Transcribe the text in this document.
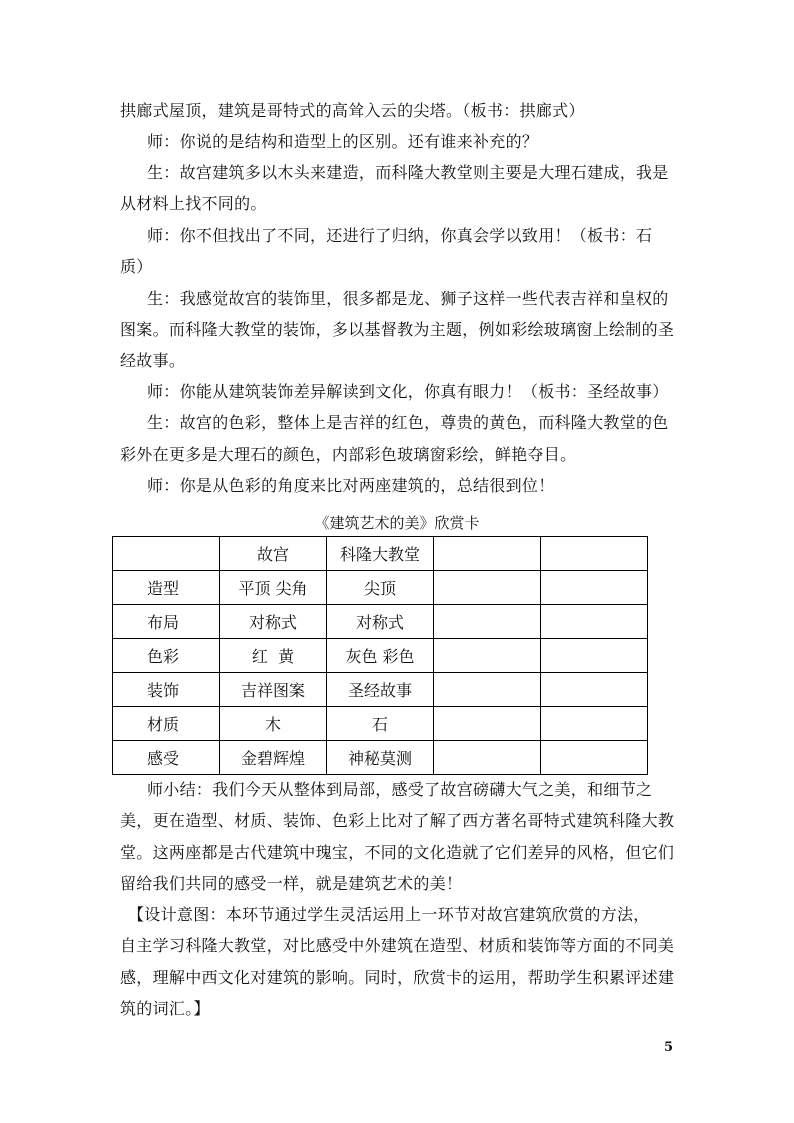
拱廊式屋顶，建筑是哥特式的高耸入云的尖塔。（板书：拱廊式）
师：你说的是结构和造型上的区别。还有谁来补充的？
生：故宫建筑多以木头来建造，而科隆大教堂则主要是大理石建成，我是
从材料上找不同的。
师：你不但找出了不同，还进行了归纳，你真会学以致用！（板书：石
质）
生：我感觉故宫的装饰里，很多都是龙、狮子这样一些代表吉祥和皇权的
图案。而科隆大教堂的装饰，多以基督教为主题，例如彩绘玻璃窗上绘制的圣
经故事。
师：你能从建筑装饰差异解读到文化，你真有眼力！（板书：圣经故事）
生：故宫的色彩，整体上是吉祥的红色，尊贵的黄色，而科隆大教堂的色
彩外在更多是大理石的颜色，内部彩色玻璃窗彩绘，鲜艳夺目。
师：你是从色彩的角度来比对两座建筑的，总结很到位！
《建筑艺术的美》欣赏卡
	故宫	科隆大教堂		
造型	平顶 尖角	尖顶		
布局	对称式	对称式		
色彩	红  黄	灰色 彩色		
装饰	吉祥图案	圣经故事		
材质	木	石		
感受	金碧辉煌	神秘莫测		
师小结：我们今天从整体到局部，感受了故宫磅礴大气之美，和细节之
美，更在造型、材质、装饰、色彩上比对了解了西方著名哥特式建筑科隆大教
堂。这两座都是古代建筑中瑰宝，不同的文化造就了它们差异的风格，但它们
留给我们共同的感受一样，就是建筑艺术的美！
【设计意图：本环节通过学生灵活运用上一环节对故宫建筑欣赏的方法，
自主学习科隆大教堂，对比感受中外建筑在造型、材质和装饰等方面的不同美
感，理解中西文化对建筑的影响。同时，欣赏卡的运用，帮助学生积累评述建
筑的词汇。】
5
